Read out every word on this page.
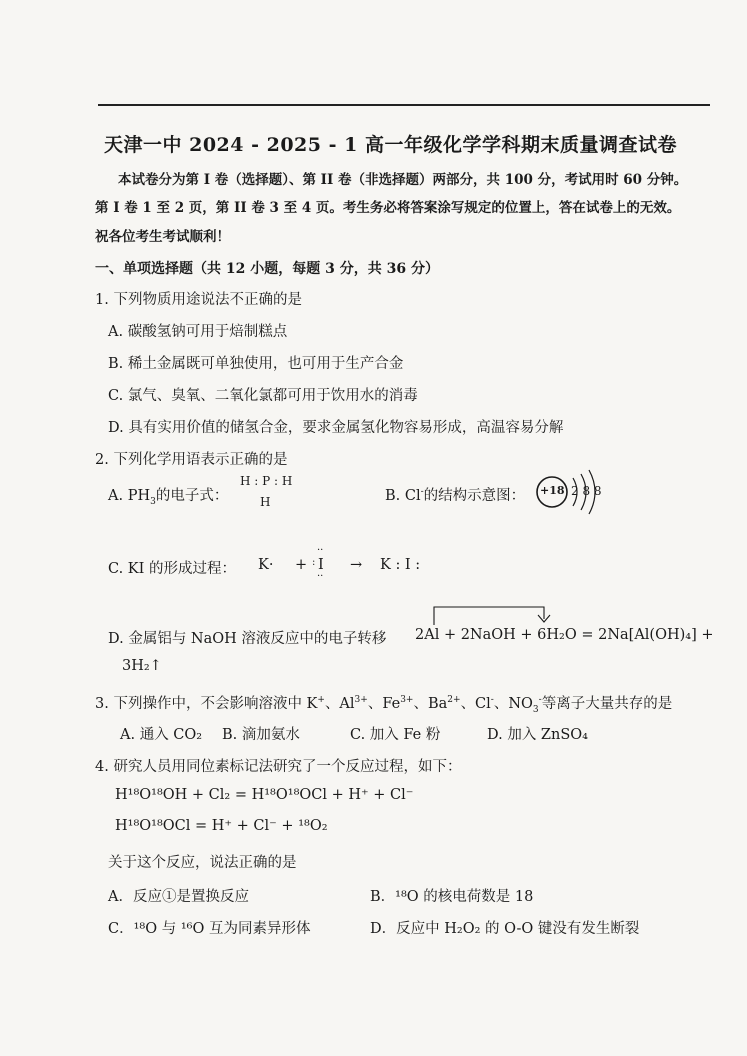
天津一中 2024 - 2025 - 1 高一年级化学学科期末质量调查试卷
本试卷分为第 I 卷（选择题）、第 II 卷（非选择题）两部分，共 100 分，考试用时 60 分钟。
第 I 卷 1 至 2 页，第 II 卷 3 至 4 页。考生务必将答案涂写规定的位置上，答在试卷上的无效。
祝各位考生考试顺利！
一、单项选择题（共 12 小题，每题 3 分，共 36 分）
1. 下列物质用途说法不正确的是
A. 碳酸氢钠可用于焙制糕点
B. 稀土金属既可单独使用，也可用于生产合金
C. 氯气、臭氧、二氧化氯都可用于饮用水的消毒
D. 具有实用价值的储氢合金，要求金属氢化物容易形成，高温容易分解
2. 下列化学用语表示正确的是
A. $PH_3$的电子式：
H : P : H
H	B. Cl-的结构示意图： +18 2 8 8
C. KI 的形成过程： K· + I
··
··
: → K : I :
D. 金属铝与 NaOH 溶液反应中的电子转移 2Al + 2NaOH + 6H₂O = 2Na[Al(OH)₄] +
3H₂↑
3. 下列操作中，不会影响溶液中 K+、$Al^{3+}$、$Fe^{3+}$、$Ba^{2+}$、Cl-、$NO_3^-$等离子大量共存的是
A. 通入 CO₂ B. 滴加氨水	C. 加入 Fe 粉	D. 加入 ZnSO₄
4. 研究人员用同位素标记法研究了一个反应过程，如下：
H¹⁸O¹⁸OH + Cl₂ = H¹⁸O¹⁸OCl + H⁺ + Cl⁻
H¹⁸O¹⁸OCl = H⁺ + Cl⁻ + ¹⁸O₂
关于这个反应，说法正确的是
A．反应①是置换反应	B．¹⁸O 的核电荷数是 18
C．¹⁸O 与 ¹⁶O 互为同素异形体	D．反应中 H₂O₂ 的 O-O 键没有发生断裂
